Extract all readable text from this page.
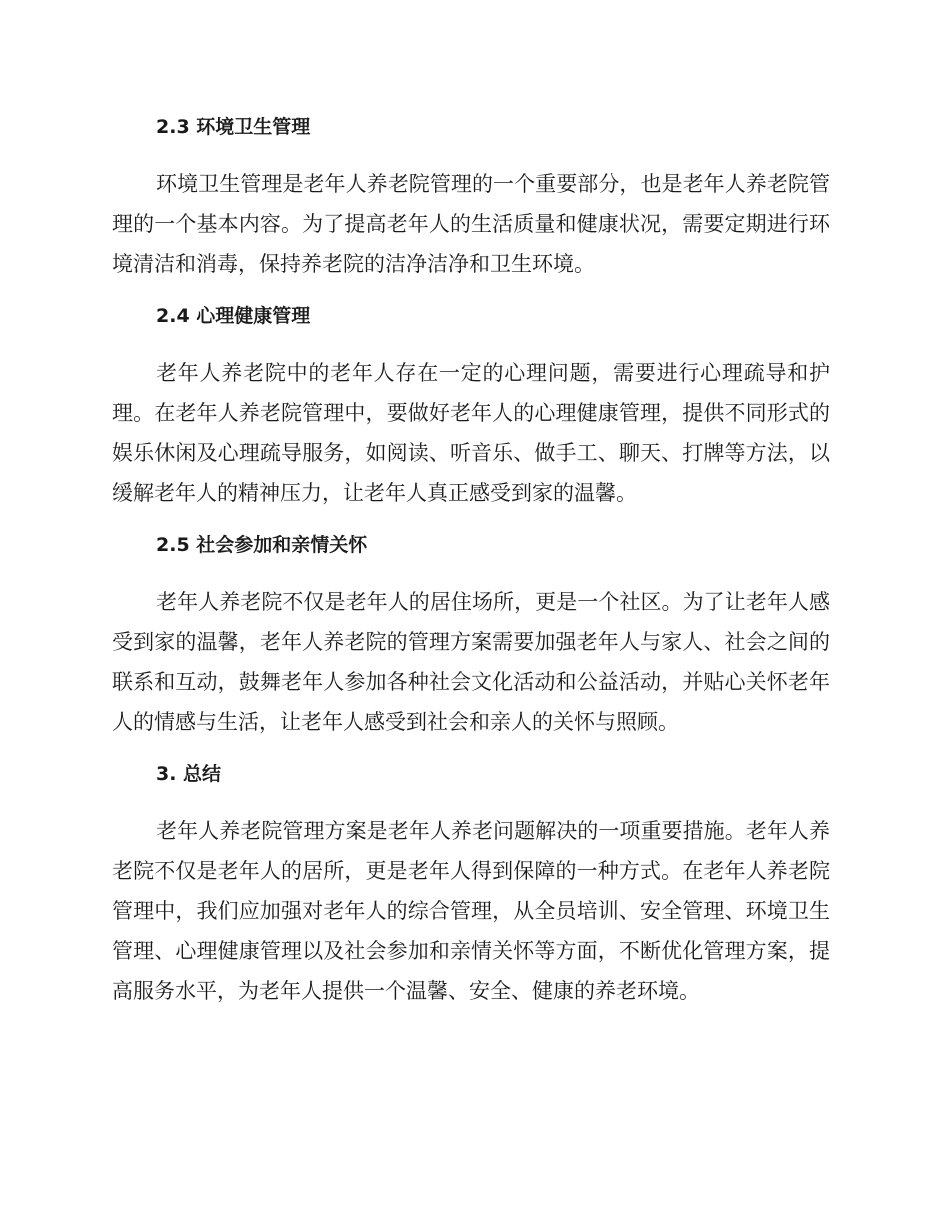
2.3 环境卫生管理

环境卫生管理是老年人养老院管理的一个重要部分，也是老年人养老院管理的一个基本内容。为了提高老年人的生活质量和健康状况，需要定期进行环境清洁和消毒，保持养老院的洁净洁净和卫生环境。

2.4 心理健康管理

老年人养老院中的老年人存在一定的心理问题，需要进行心理疏导和护理。在老年人养老院管理中，要做好老年人的心理健康管理，提供不同形式的娱乐休闲及心理疏导服务，如阅读、听音乐、做手工、聊天、打牌等方法，以缓解老年人的精神压力，让老年人真正感受到家的温馨。

2.5 社会参加和亲情关怀

老年人养老院不仅是老年人的居住场所，更是一个社区。为了让老年人感受到家的温馨，老年人养老院的管理方案需要加强老年人与家人、社会之间的联系和互动，鼓舞老年人参加各种社会文化活动和公益活动，并贴心关怀老年人的情感与生活，让老年人感受到社会和亲人的关怀与照顾。

3. 总结

老年人养老院管理方案是老年人养老问题解决的一项重要措施。老年人养老院不仅是老年人的居所，更是老年人得到保障的一种方式。在老年人养老院管理中，我们应加强对老年人的综合管理，从全员培训、安全管理、环境卫生管理、心理健康管理以及社会参加和亲情关怀等方面，不断优化管理方案，提高服务水平，为老年人提供一个温馨、安全、健康的养老环境。
